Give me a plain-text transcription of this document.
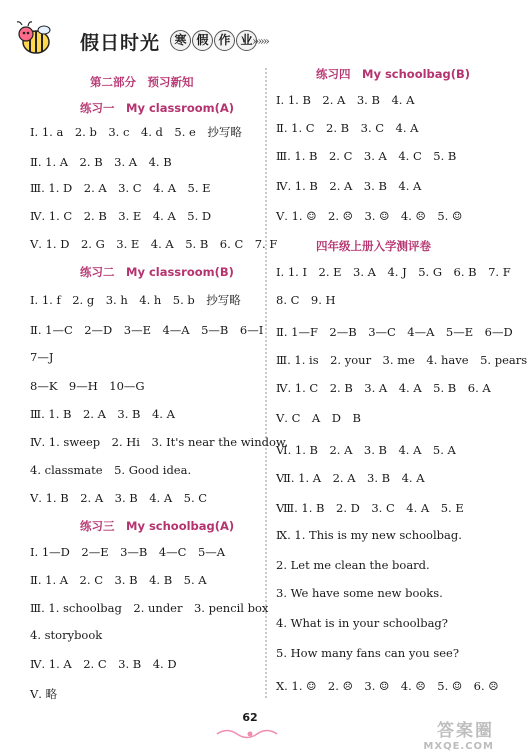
假日时光	寒 假 作 业 »»»
第二部分　预习新知
练习一　My classroom(A)
Ⅰ. 1. a　2. b　3. c　4. d　5. e　抄写略
Ⅱ. 1. A　2. B　3. A　4. B
Ⅲ. 1. D　2. A　3. C　4. A　5. E
Ⅳ. 1. C　2. B　3. E　4. A　5. D
Ⅴ. 1. D　2. G　3. E　4. A　5. B　6. C　7. F
练习二　My classroom(B)
Ⅰ. 1. f　2. g　3. h　4. h　5. b　抄写略
Ⅱ. 1—C　2—D　3—E　4—A　5—B　6—I
7—J
8—K　9—H　10—G
Ⅲ. 1. B　2. A　3. B　4. A
Ⅳ. 1. sweep　2. Hi　3. It's near the window.
4. classmate　5. Good idea.
Ⅴ. 1. B　2. A　3. B　4. A　5. C
练习三　My schoolbag(A)
Ⅰ. 1—D　2—E　3—B　4—C　5—A
Ⅱ. 1. A　2. C　3. B　4. B　5. A
Ⅲ. 1. schoolbag　2. under　3. pencil box
4. storybook
Ⅳ. 1. A　2. C　3. B　4. D
Ⅴ. 略
练习四　My schoolbag(B)
Ⅰ. 1. B　2. A　3. B　4. A
Ⅱ. 1. C　2. B　3. C　4. A
Ⅲ. 1. B　2. C　3. A　4. C　5. B
Ⅳ. 1. B　2. A　3. B　4. A
Ⅴ. 1. ☺　2. ☹　3. ☺　4. ☹　5. ☺
四年级上册入学测评卷
Ⅰ. 1. I　2. E　3. A　4. J　5. G　6. B　7. F
8. C　9. H
Ⅱ. 1—F　2—B　3—C　4—A　5—E　6—D
Ⅲ. 1. is　2. your　3. me　4. have　5. pears
Ⅳ. 1. C　2. B　3. A　4. A　5. B　6. A
Ⅴ. C　A　D　B
Ⅵ. 1. B　2. A　3. B　4. A　5. A
Ⅶ. 1. A　2. A　3. B　4. A
Ⅷ. 1. B　2. D　3. C　4. A　5. E
Ⅸ. 1. This is my new schoolbag.
2. Let me clean the board.
3. We have some new books.
4. What is in your schoolbag?
5. How many fans can you see?
Ⅹ. 1. ☺　2. ☹　3. ☺　4. ☹　5. ☺　6. ☹
62
答案圈
MXQE.COM
